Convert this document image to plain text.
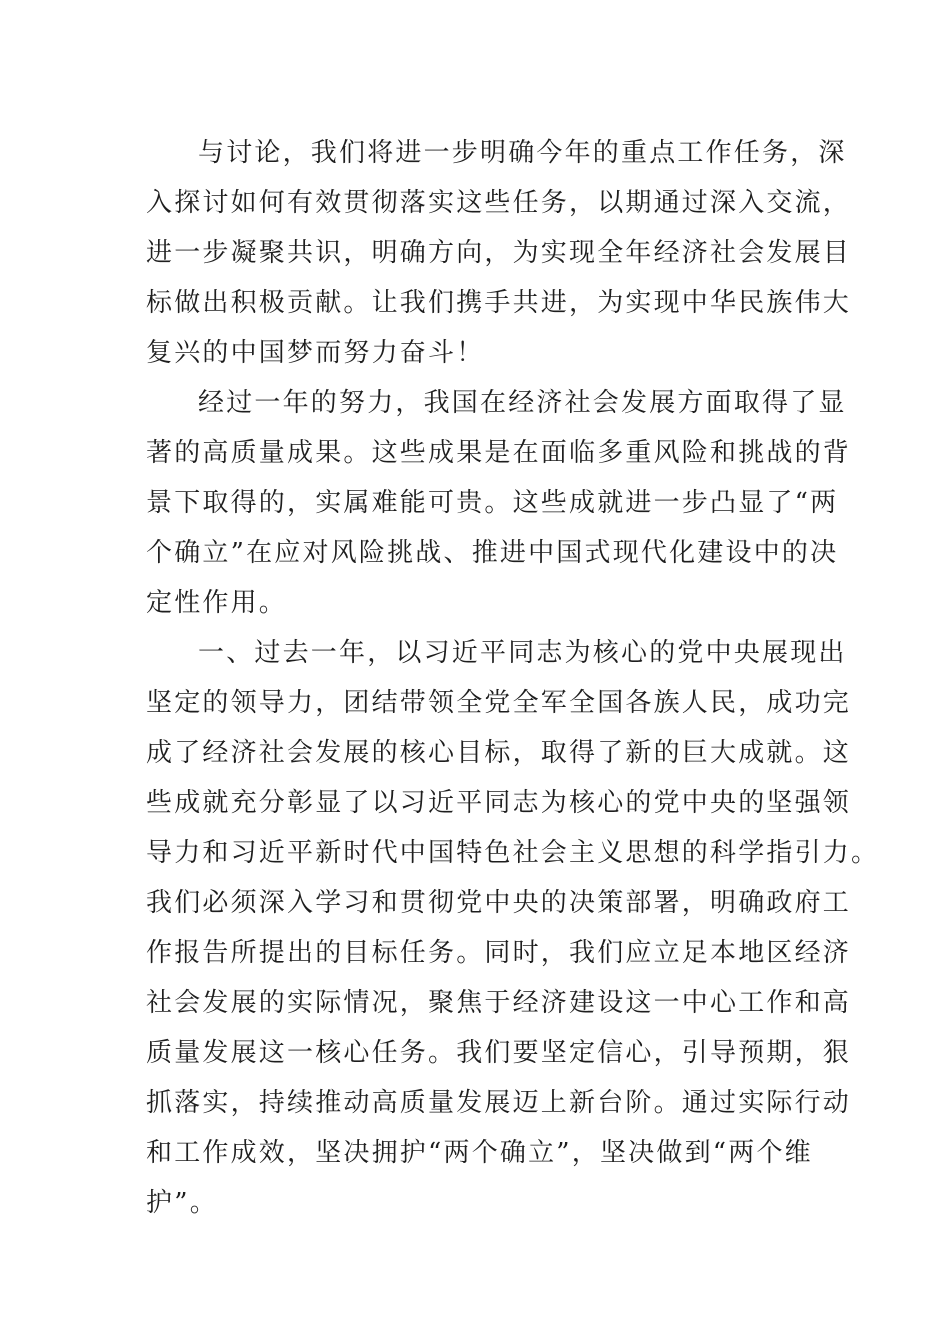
与讨论，我们将进一步明确今年的重点工作任务，深
入探讨如何有效贯彻落实这些任务，以期通过深入交流，
进一步凝聚共识，明确方向，为实现全年经济社会发展目
标做出积极贡献。让我们携手共进，为实现中华民族伟大
复兴的中国梦而努力奋斗！
经过一年的努力，我国在经济社会发展方面取得了显
著的高质量成果。这些成果是在面临多重风险和挑战的背
景下取得的，实属难能可贵。这些成就进一步凸显了“两
个确立”在应对风险挑战、推进中国式现代化建设中的决
定性作用。
一、过去一年，以习近平同志为核心的党中央展现出
坚定的领导力，团结带领全党全军全国各族人民，成功完
成了经济社会发展的核心目标，取得了新的巨大成就。这
些成就充分彰显了以习近平同志为核心的党中央的坚强领
导力和习近平新时代中国特色社会主义思想的科学指引力。
我们必须深入学习和贯彻党中央的决策部署，明确政府工
作报告所提出的目标任务。同时，我们应立足本地区经济
社会发展的实际情况，聚焦于经济建设这一中心工作和高
质量发展这一核心任务。我们要坚定信心，引导预期，狠
抓落实，持续推动高质量发展迈上新台阶。通过实际行动
和工作成效，坚决拥护“两个确立”，坚决做到“两个维
护”。
